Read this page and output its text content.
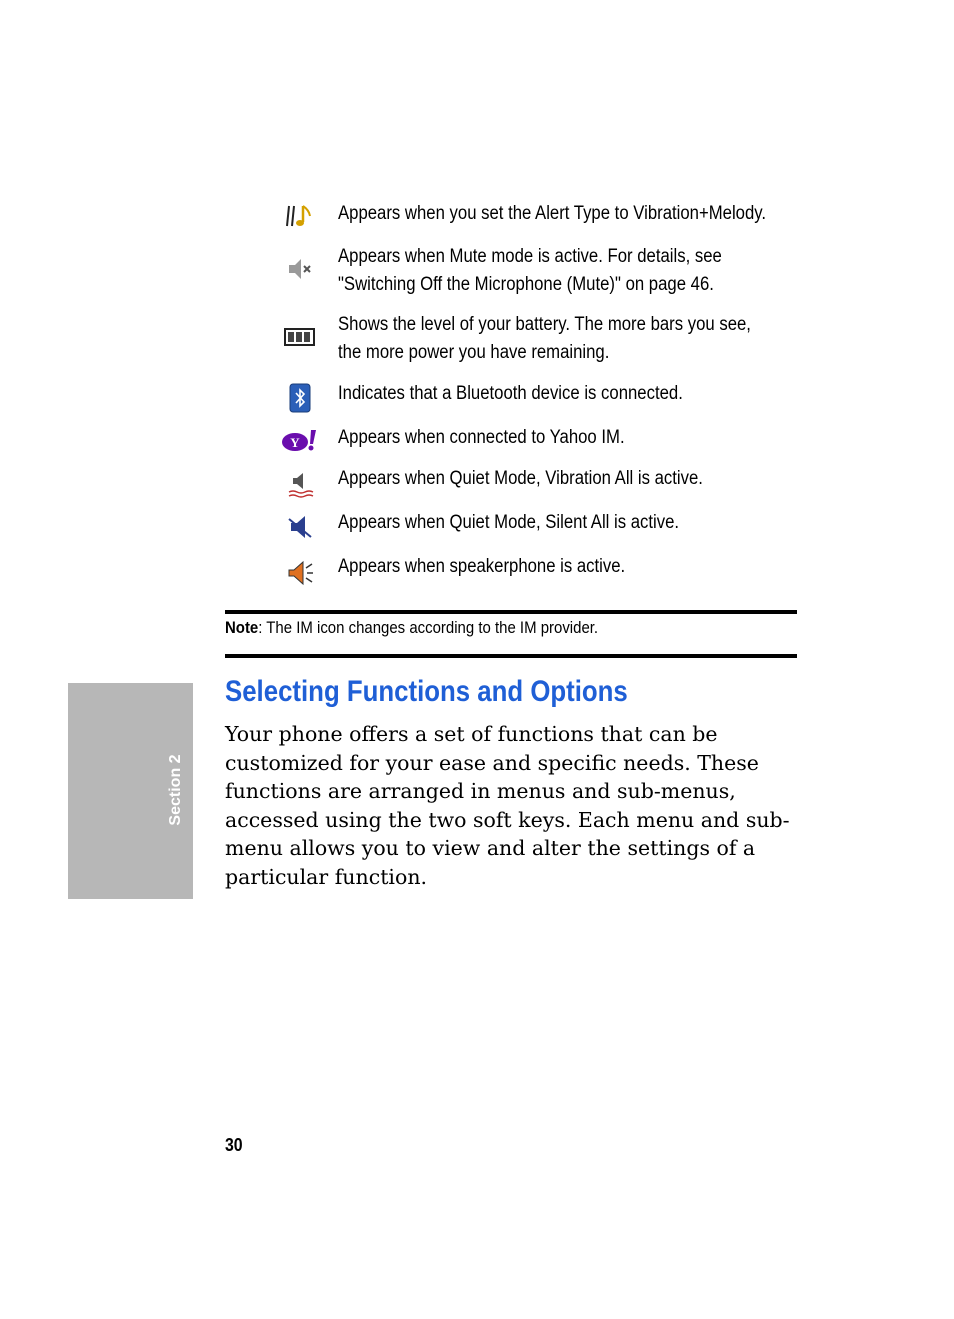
Appears when you set the Alert Type to Vibration+Melody.
Appears when Mute mode is active. For details, see
"Switching Off the Microphone (Mute)" on page 46.
Shows the level of your battery. The more bars you see,
the more power you have remaining.
Indicates that a Bluetooth device is connected.
Y Appears when connected to Yahoo IM.
Appears when Quiet Mode, Vibration All is active.
Appears when Quiet Mode, Silent All is active.
Appears when speakerphone is active.
Note: The IM icon changes according to the IM provider.
Selecting Functions and Options
Your phone offers a set of functions that can be
customized for your ease and specific needs. These
functions are arranged in menus and sub-menus,
accessed using the two soft keys. Each menu and sub-
menu allows you to view and alter the settings of a
particular function.
Section 2
30
